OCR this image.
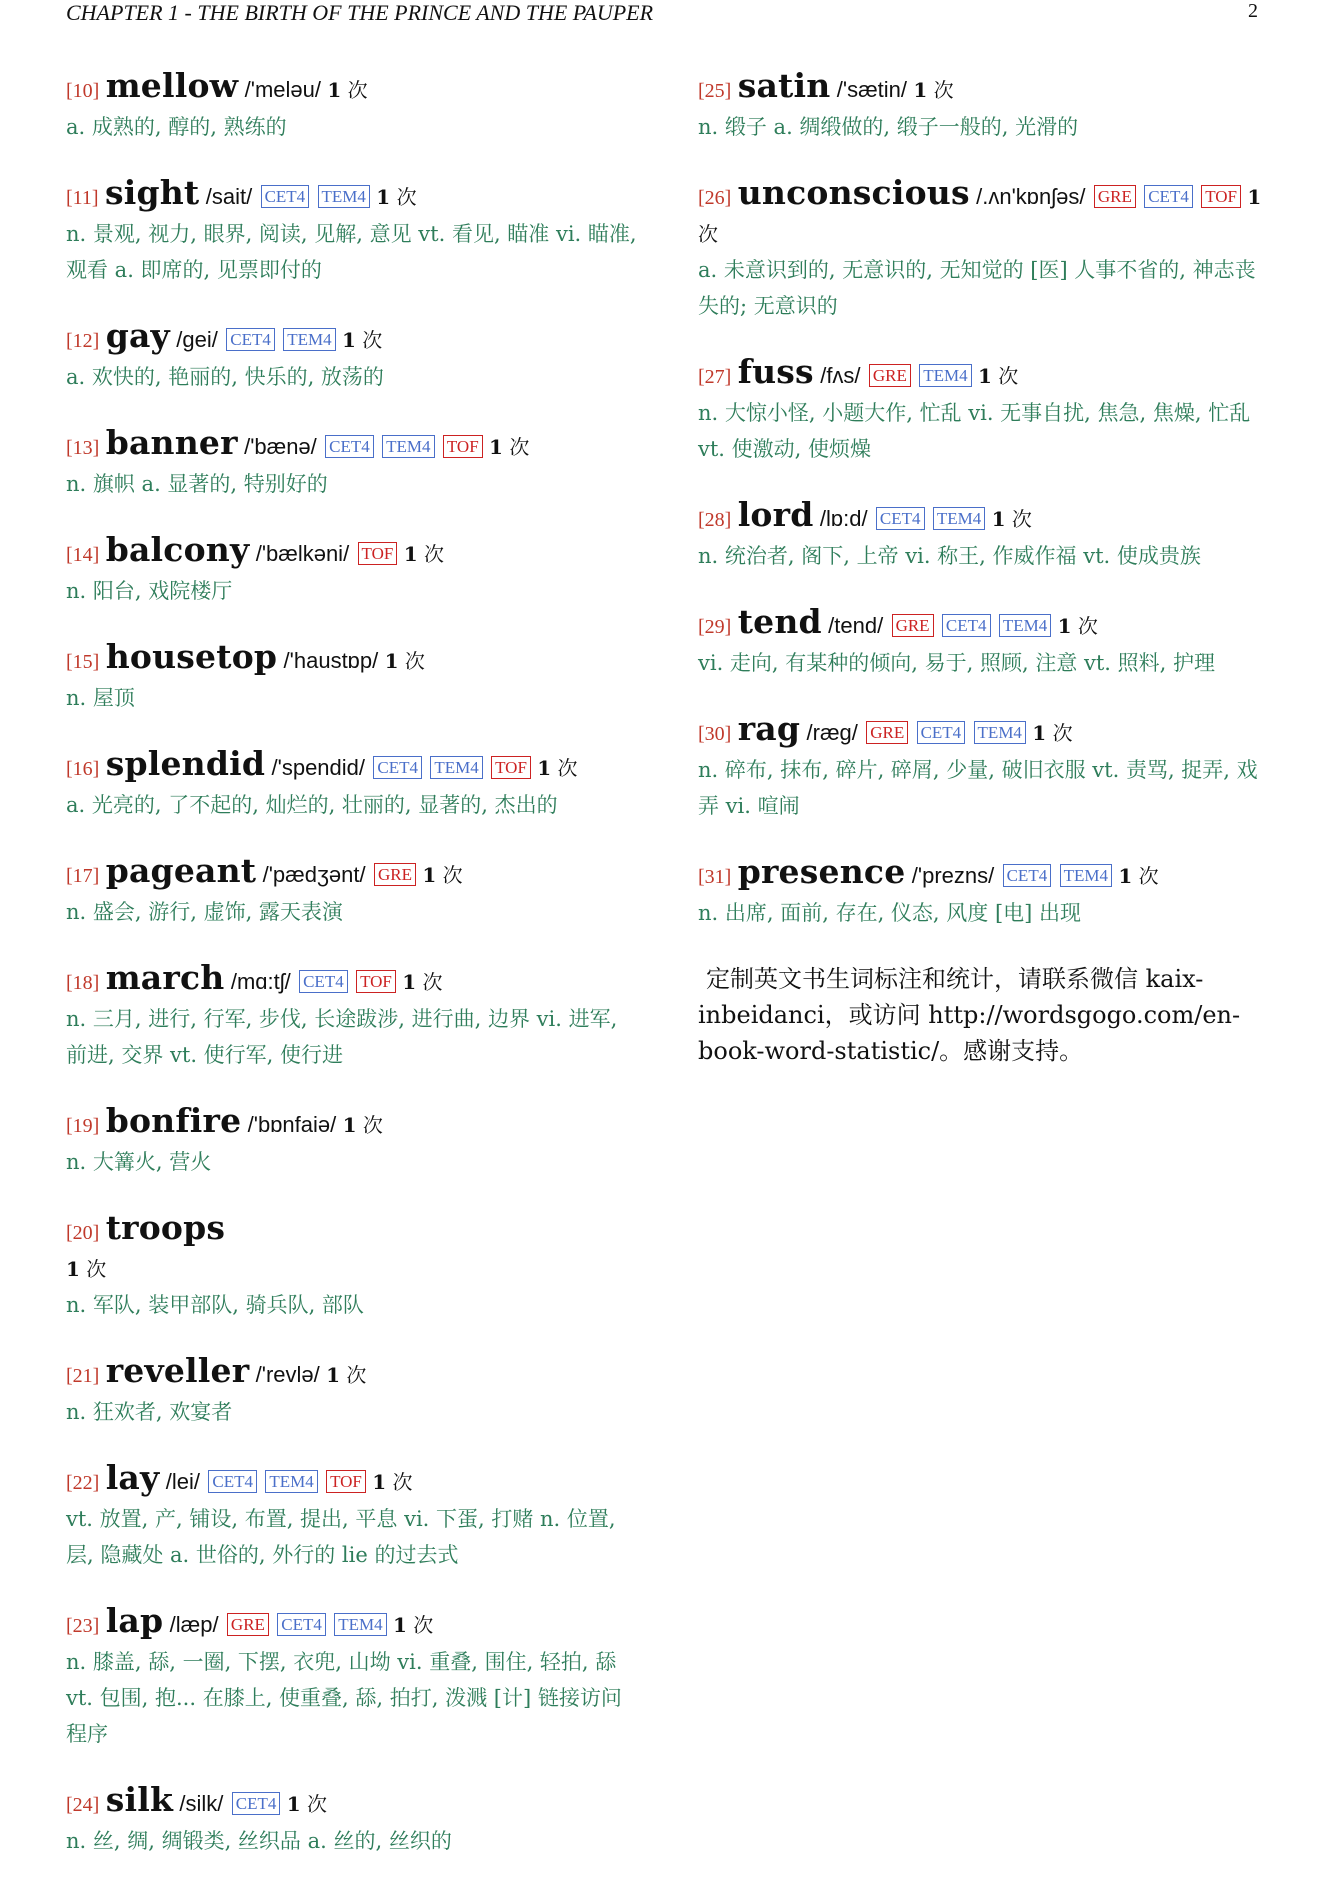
CHAPTER 1 - THE BIRTH OF THE PRINCE AND THE PAUPER	2
[10] mellow /'meləu/ 1 次
a. 成熟的, 醇的, 熟练的
[11] sight /sait/ CET4 TEM4 1 次
n. 景观, 视力, 眼界, 阅读, 见解, 意见 vt. 看见, 瞄准 vi. 瞄准, 观看 a. 即席的, 见票即付的
[12] gay /gei/ CET4 TEM4 1 次
a. 欢快的, 艳丽的, 快乐的, 放荡的
[13] banner /'bænə/ CET4 TEM4 TOF 1 次
n. 旗帜 a. 显著的, 特别好的
[14] balcony /'bælkəni/ TOF 1 次
n. 阳台, 戏院楼厅
[15] housetop /'haustɒp/ 1 次
n. 屋顶
[16] splendid /'spendid/ CET4 TEM4 TOF 1 次
a. 光亮的, 了不起的, 灿烂的, 壮丽的, 显著的, 杰出的
[17] pageant /'pædʒənt/ GRE 1 次
n. 盛会, 游行, 虚饰, 露天表演
[18] march /mɑ:tʃ/ CET4 TOF 1 次
n. 三月, 进行, 行军, 步伐, 长途跋涉, 进行曲, 边界 vi. 进军, 前进, 交界 vt. 使行军, 使行进
[19] bonfire /'bɒnfaiə/ 1 次
n. 大篝火, 营火
[20] troops
1 次
n. 军队, 装甲部队, 骑兵队, 部队
[21] reveller /'revlə/ 1 次
n. 狂欢者, 欢宴者
[22] lay /lei/ CET4 TEM4 TOF 1 次
vt. 放置, 产, 铺设, 布置, 提出, 平息 vi. 下蛋, 打赌 n. 位置, 层, 隐藏处 a. 世俗的, 外行的 lie 的过去式
[23] lap /læp/ GRE CET4 TEM4 1 次
n. 膝盖, 舔, 一圈, 下摆, 衣兜, 山坳 vi. 重叠, 围住, 轻拍, 舔 vt. 包围, 抱... 在膝上, 使重叠, 舔, 拍打, 泼溅 [计] 链接访问程序
[24] silk /silk/ CET4 1 次
n. 丝, 绸, 绸锻类, 丝织品 a. 丝的, 丝织的
[25] satin /'sætin/ 1 次
n. 缎子 a. 绸缎做的, 缎子一般的, 光滑的
[26] unconscious /.ʌn'kɒnʃəs/ GRE CET4 TOF 1 次
a. 未意识到的, 无意识的, 无知觉的 [医] 人事不省的, 神志丧失的; 无意识的
[27] fuss /fʌs/ GRE TEM4 1 次
n. 大惊小怪, 小题大作, 忙乱 vi. 无事自扰, 焦急, 焦燥, 忙乱 vt. 使激动, 使烦燥
[28] lord /lɒ:d/ CET4 TEM4 1 次
n. 统治者, 阁下, 上帝 vi. 称王, 作威作福 vt. 使成贵族
[29] tend /tend/ GRE CET4 TEM4 1 次
vi. 走向, 有某种的倾向, 易于, 照顾, 注意 vt. 照料, 护理
[30] rag /ræg/ GRE CET4 TEM4 1 次
n. 碎布, 抹布, 碎片, 碎屑, 少量, 破旧衣服 vt. 责骂, 捉弄, 戏弄 vi. 喧闹
[31] presence /'prezns/ CET4 TEM4 1 次
n. 出席, 面前, 存在, 仪态, 风度 [电] 出现
定制英文书生词标注和统计，请联系微信 kaix-inbeidanci，或访问 http://wordsgogo.com/en-book-word-statistic/。感谢支持。
